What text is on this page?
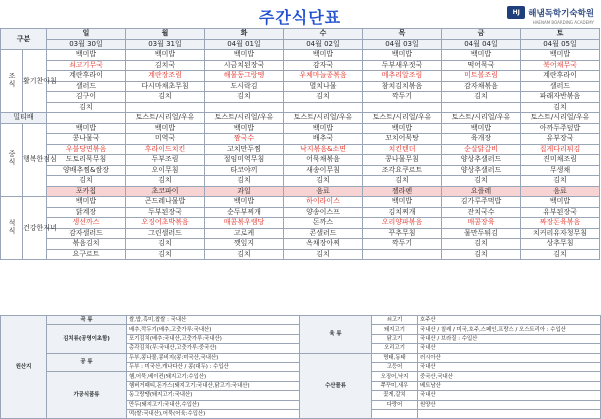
주간식단표	HJ 해냄독학기숙학원
HAENAM BOARDING ACADEMY
구분		일	월	화	수	목	금	토
		03월 30일	03월 31일	04월 01일	04월 02일	04월 03일	04월 04일	04월 05일
조식	활기찬아침	백미밥	백미밥	백미밥	백미밥	백미밥	백미밥	백미밥
		쇠고기무국	김치국	시금치된장국	감자국	두부새우젓국	떡어묵국	북어채무국
		계란후라이	계란장조림	해물동그랑땡	우체마늘종볶음	메추리알조림	미트볼조림	계란후라이
		샐러드	다시마채초무침	도시락김	멸치나물	참치김치볶음	감자채볶음	샐러드
		김구이	김치	김치	김치	깍두기	김치	파래자반볶음
		김치						김치
밀티배			토스트/시리얼/우유	토스트/시리얼/우유	토스트/시리얼/우유	토스트/시리얼/우유	토스트/시리얼/우유	토스트/시리얼/우유
중식	행복한점심	백미밥	백미밥	백미밥	백미밥	백미밥	백미밥	아까두주덮밥
		콩나물국	미역국	짬국수	배추국	꼬치어묵탕	육개장	유부장국
		우불당면볶음	후라이드치킨	고치만두찜	낙지볶음&소면	치킨텐더	순살닭갈비	집게다리튀김
		도토리묵무침	두부조림	절임미역무침	어묵채볶음	콩나물무침	양상추샐러드	진미채조림
		양배추찜&쌈장	오이무침	타코야끼	새송이무침	조각요쿠르트	양상추샐러드	무생채
		김치	김치	김치	김치	김치	김치	김치
		포카칩	초코파이	과일	음료	젤라펜	요플레	음료
석식	건강한저녁	백미밥	곤드레나물밥	백미밥	하이라이스	백미밥	김가루주먹밥	백미밥
		닭계장	두부된장국	순두부찌개	양송이스프	김치찌개	잔치국수	유부된장국
		생선까스	오징어초박볶음	매콤볶우램당	돈까스	오리양파볶음	매콤장육	짜장돈육볶음
		감자샐러드	그린샐러드	고로케	콘샐러드	꾸추무침	물만두튀김	치커리유자청무침
		볶음김치	김치	깻잎지	옥채장아찌	깍두기	김치	상추무침
		요구르트	김치	김치	김치		김치	김치
원산지	곡 류	쌀,밥,흑미,찹쌀 : 국내산	육 류	쇠고기	호주산
	김치류(공영이초함)	배추,깍두기(배추,고춧가루:국내산)		돼지고기	국내산 / 칠레 / 미국,호주,스페인,프랑스 / 오스트리아 : 수입산
		포기김치(배추:국내산,고춧가루:국내산)		닭고기	국내산 / 브라질 : 수입산
		총각김치(무:국내산,고춧가루:중국산)		오리고기	국내산
	공 류	두부,콩나물,콩비지(콩:미국산,국내산)	수산물류	명태,동태	러시아산
		두부 : 미국산,캐나다산 / 콩(대두) : 수입산		고등어	국내산
	가공식품류	햄,어묵,베이컨(돼지고기:수입산)		오징어,낙지	중국산,국내산
		햄버거패티,돈가스(돼지고기:국내산,닭고기:국내산)		쭈꾸미,새우	베트남산
		동그랑땡(돼지고기:국내산)		꽃게,갈치	국내산
		만두(돼지고기:국내산,수입산)		다랑어	원양산
		떡(쌀:국내산),어묵(어육:수입산)			
